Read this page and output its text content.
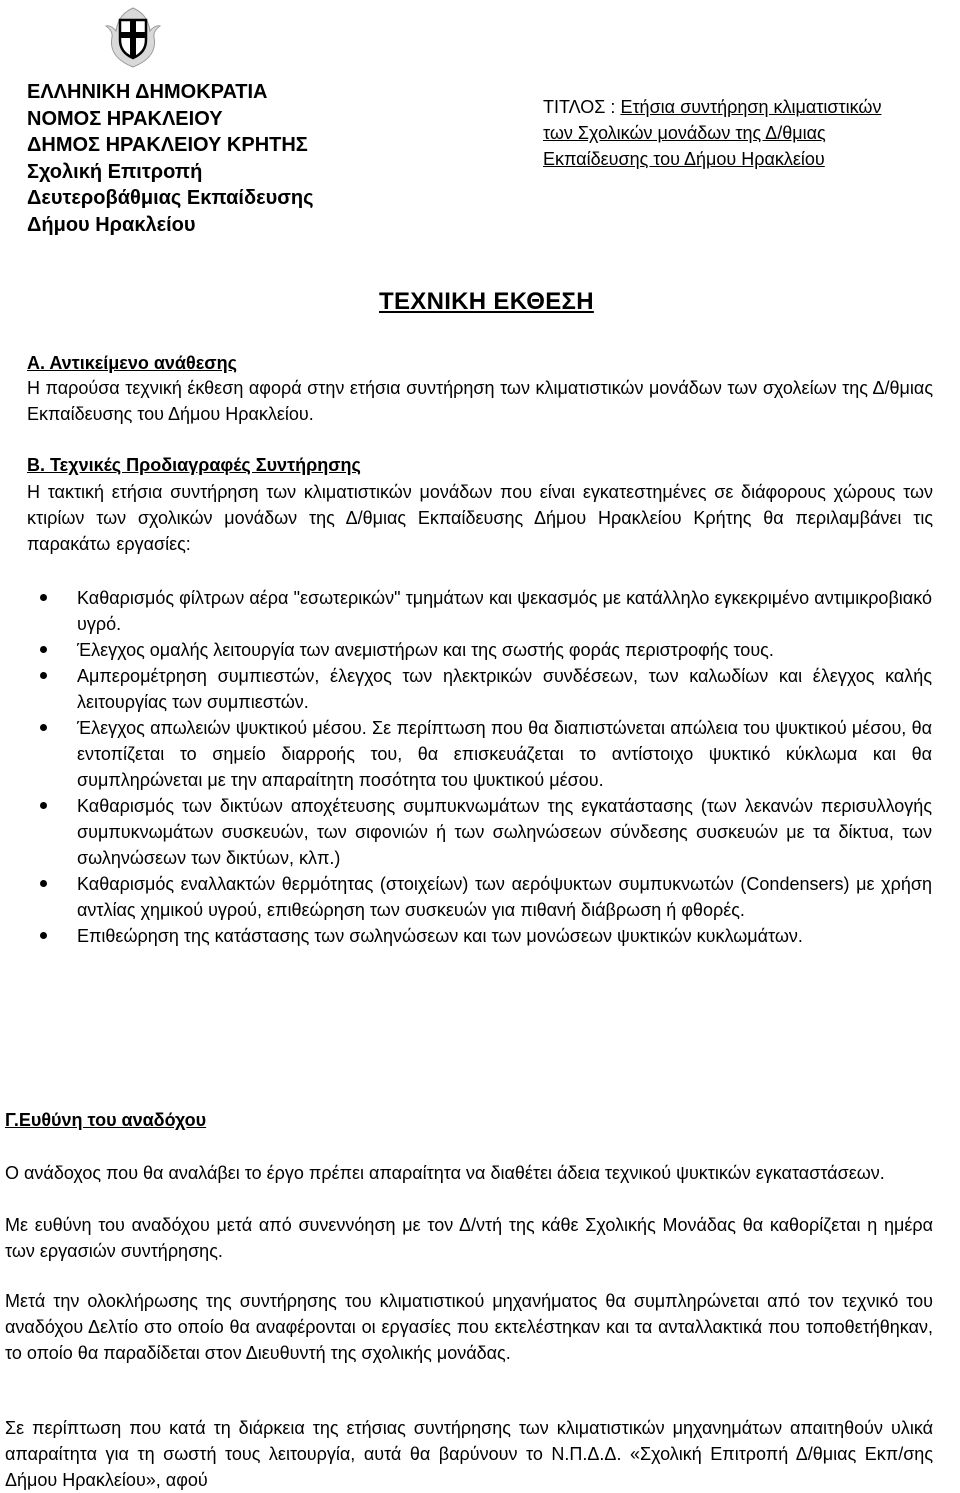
ΕΛΛΗΝΙΚΗ ΔΗΜΟΚΡΑΤΙΑ
ΝΟΜΟΣ ΗΡΑΚΛΕΙΟΥ
ΔΗΜΟΣ ΗΡΑΚΛΕΙΟΥ ΚΡΗΤΗΣ
Σχολική Επιτροπή
Δευτεροβάθμιας Εκπαίδευσης
Δήμου Ηρακλείου
ΤΙΤΛΟΣ : Ετήσια συντήρηση κλιματιστικών
των Σχολικών μονάδων της Δ/θμιας
Εκπαίδευσης του Δήμου Ηρακλείου
ΤΕΧΝΙΚΗ ΕΚΘΕΣΗ
Α. Αντικείμενο ανάθεσης
Η παρούσα τεχνική έκθεση αφορά στην ετήσια συντήρηση των κλιματιστικών μονάδων των σχολείων της Δ/θμιας Εκπαίδευσης του Δήμου Ηρακλείου.
Β. Τεχνικές Προδιαγραφές Συντήρησης
Η τακτική ετήσια συντήρηση των κλιματιστικών μονάδων που είναι εγκατεστημένες σε διάφορους χώρους των κτιρίων των σχολικών μονάδων της Δ/θμιας Εκπαίδευσης Δήμου Ηρακλείου Κρήτης θα περιλαμβάνει τις παρακάτω εργασίες:
Καθαρισμός φίλτρων αέρα "εσωτερικών" τμημάτων και ψεκασμός με κατάλληλο εγκεκριμένο αντιμικροβιακό υγρό.
Έλεγχος ομαλής λειτουργία των ανεμιστήρων και της σωστής φοράς περιστροφής τους.
Αμπερομέτρηση συμπιεστών, έλεγχος των ηλεκτρικών συνδέσεων, των καλωδίων και έλεγχος καλής λειτουργίας των συμπιεστών.
Έλεγχος απωλειών ψυκτικού μέσου. Σε περίπτωση που θα διαπιστώνεται απώλεια του ψυκτικού μέσου, θα εντοπίζεται το σημείο διαρροής του, θα επισκευάζεται το αντίστοιχο ψυκτικό κύκλωμα και θα συμπληρώνεται με την απαραίτητη ποσότητα του ψυκτικού μέσου.
Καθαρισμός των δικτύων αποχέτευσης συμπυκνωμάτων της εγκατάστασης (των λεκανών περισυλλογής συμπυκνωμάτων συσκευών, των σιφονιών ή των σωληνώσεων σύνδεσης συσκευών με τα δίκτυα, των σωληνώσεων των δικτύων, κλπ.)
Καθαρισμός εναλλακτών θερμότητας (στοιχείων) των αερόψυκτων συμπυκνωτών (Condensers) με χρήση αντλίας χημικού υγρού, επιθεώρηση των συσκευών για πιθανή διάβρωση ή φθορές.
Επιθεώρηση της κατάστασης των σωληνώσεων και των μονώσεων ψυκτικών κυκλωμάτων.
Γ.Ευθύνη του αναδόχου
Ο ανάδοχος που θα αναλάβει το έργο πρέπει απαραίτητα να διαθέτει άδεια τεχνικού ψυκτικών εγκαταστάσεων.
Με ευθύνη του αναδόχου μετά από συνεννόηση με τον Δ/ντή της κάθε Σχολικής Μονάδας θα καθορίζεται η ημέρα των εργασιών συντήρησης.
Μετά την ολοκλήρωσης της συντήρησης του κλιματιστικού μηχανήματος θα συμπληρώνεται από τον τεχνικό του αναδόχου Δελτίο στο οποίο θα αναφέρονται οι εργασίες που εκτελέστηκαν και τα ανταλλακτικά που τοποθετήθηκαν, το οποίο θα παραδίδεται στον Διευθυντή της σχολικής μονάδας.
Σε περίπτωση που κατά τη διάρκεια της ετήσιας συντήρησης των κλιματιστικών μηχανημάτων απαιτηθούν υλικά απαραίτητα για τη σωστή τους λειτουργία, αυτά θα βαρύνουν το Ν.Π.Δ.Δ. «Σχολική Επιτροπή Δ/θμιας Εκπ/σης Δήμου Ηρακλείου», αφού
